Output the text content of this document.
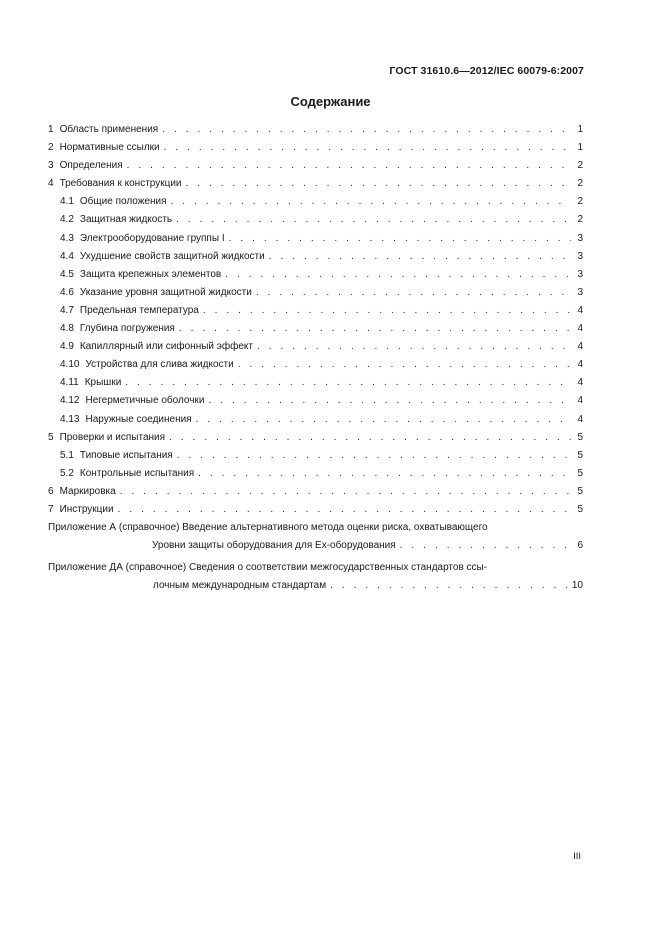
ГОСТ 31610.6—2012/IEC 60079-6:2007
Содержание
1 Область применения . . .	1
2 Нормативные ссылки . . .	1
3 Определения . . .	2
4 Требования к конструкции . . .	2
4.1 Общие положения . . .	2
4.2 Защитная жидкость . . .	2
4.3 Электрооборудование группы I . . .	3
4.4 Ухудшение свойств защитной жидкости . . .	3
4.5 Защита крепежных элементов . . .	3
4.6 Указание уровня защитной жидкости . . .	3
4.7 Предельная температура . . .	4
4.8 Глубина погружения . . .	4
4.9 Капиллярный или сифонный эффект . . .	4
4.10 Устройства для слива жидкости . . .	4
4.11 Крышки . . .	4
4.12 Негерметичные оболочки . . .	4
4.13 Наружные соединения . . .	4
5 Проверки и испытания . . .	5
5.1 Типовые испытания . . .	5
5.2 Контрольные испытания . . .	5
6 Маркировка . . .	5
7 Инструкции . . .	5
Приложение А (справочное) Введение альтернативного метода оценки риска, охватывающего
Уровни защиты оборудования для Ex-оборудования . . .	6
Приложение ДА (справочное) Сведения о соответствии межгосударственных стандартов ссы-
лочным международным стандартам . . .	10
III
